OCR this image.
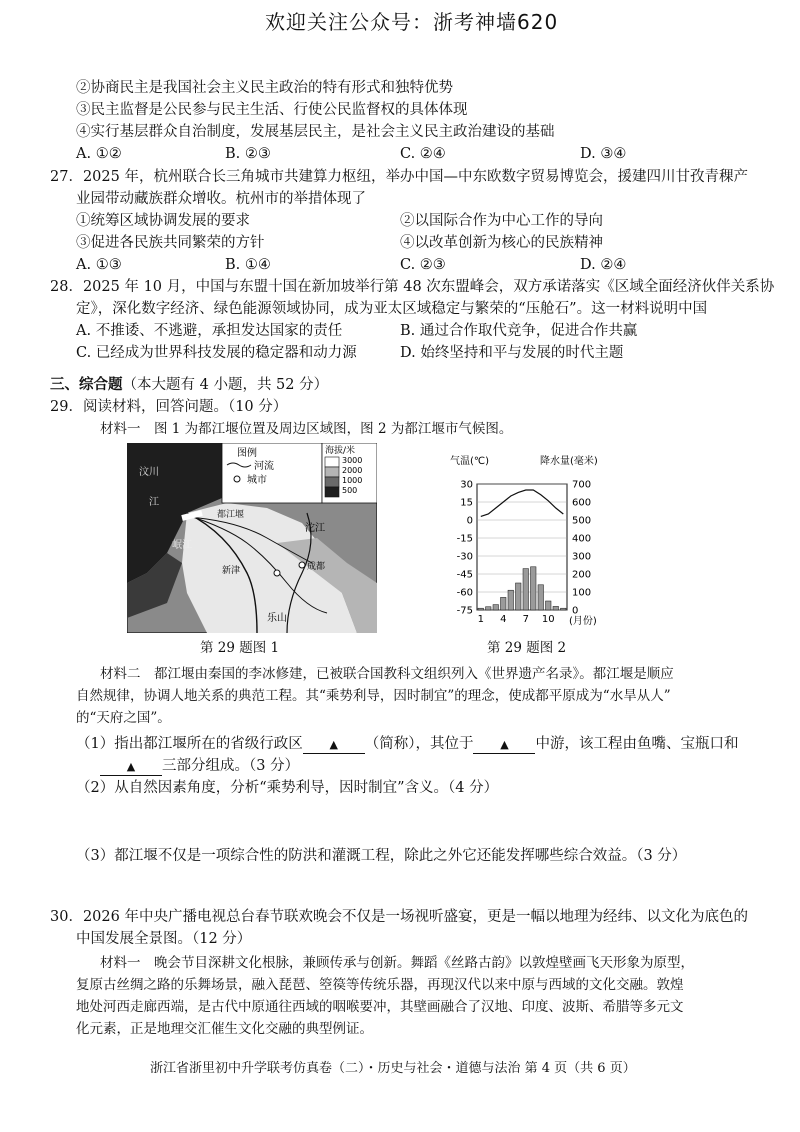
欢迎关注公众号：浙考神墙620
②协商民主是我国社会主义民主政治的特有形式和独特优势
③民主监督是公民参与民主生活、行使公民监督权的具体体现
④实行基层群众自治制度，发展基层民主，是社会主义民主政治建设的基础
A. ①②	B. ②③	C. ②④	D. ③④
27．2025 年，杭州联合长三角城市共建算力枢纽，举办中国—中东欧数字贸易博览会，援建四川甘孜青稞产
业园带动藏族群众增收。杭州市的举措体现了
①统筹区域协调发展的要求	②以国际合作为中心工作的导向
③促进各民族共同繁荣的方针	④以改革创新为核心的民族精神
A. ①③	B. ①④	C. ②③	D. ②④
28．2025 年 10 月，中国与东盟十国在新加坡举行第 48 次东盟峰会，双方承诺落实《区域全面经济伙伴关系协
定》，深化数字经济、绿色能源领域协同，成为亚太区域稳定与繁荣的“压舱石”。这一材料说明中国
A. 不推诿、不逃避，承担发达国家的责任	B. 通过合作取代竞争，促进合作共赢
C. 已经成为世界科技发展的稳定器和动力源	D. 始终坚持和平与发展的时代主题
三、综合题（本大题有 4 小题，共 52 分）
29．阅读材料，回答问题。（10 分）
材料一　图 1 为都江堰位置及周边区域图，图 2 为都江堰市气候图。
图例
河流
城市
海拔/米
3000
2000
1000
500
汶川
都江堰
新津
沱江
岷江
成都
乐山
江
第 29 题图 1
气温(℃)	降水量(毫米)
30
15
0
-15
-30
-45
-60
-75
700
600
500
400
300
200
100
0
1 4 7 10 (月份)
第 29 题图 2
材料二　都江堰由秦国的李冰修建，已被联合国教科文组织列入《世界遗产名录》。都江堰是顺应
自然规律，协调人地关系的典范工程。其“乘势利导，因时制宜”的理念，使成都平原成为“水旱从人”
的“天府之国”。
（1）指出都江堰所在的省级行政区 ▲ （简称），其位于 ▲ 中游，该工程由鱼嘴、宝瓶口和
▲ 三部分组成。（3 分）
（2）从自然因素角度，分析“乘势利导，因时制宜”含义。（4 分）
（3）都江堰不仅是一项综合性的防洪和灌溉工程，除此之外它还能发挥哪些综合效益。（3 分）
30．2026 年中央广播电视总台春节联欢晚会不仅是一场视听盛宴，更是一幅以地理为经纬、以文化为底色的
中国发展全景图。（12 分）
材料一　晚会节目深耕文化根脉，兼顾传承与创新。舞蹈《丝路古韵》以敦煌壁画飞天形象为原型，
复原古丝绸之路的乐舞场景，融入琵琶、箜篌等传统乐器，再现汉代以来中原与西域的文化交融。敦煌
地处河西走廊西端，是古代中原通往西域的咽喉要冲，其壁画融合了汉地、印度、波斯、希腊等多元文
化元素，正是地理交汇催生文化交融的典型例证。
浙江省浙里初中升学联考仿真卷（二）・历史与社会・道德与法治 第 4 页（共 6 页）
